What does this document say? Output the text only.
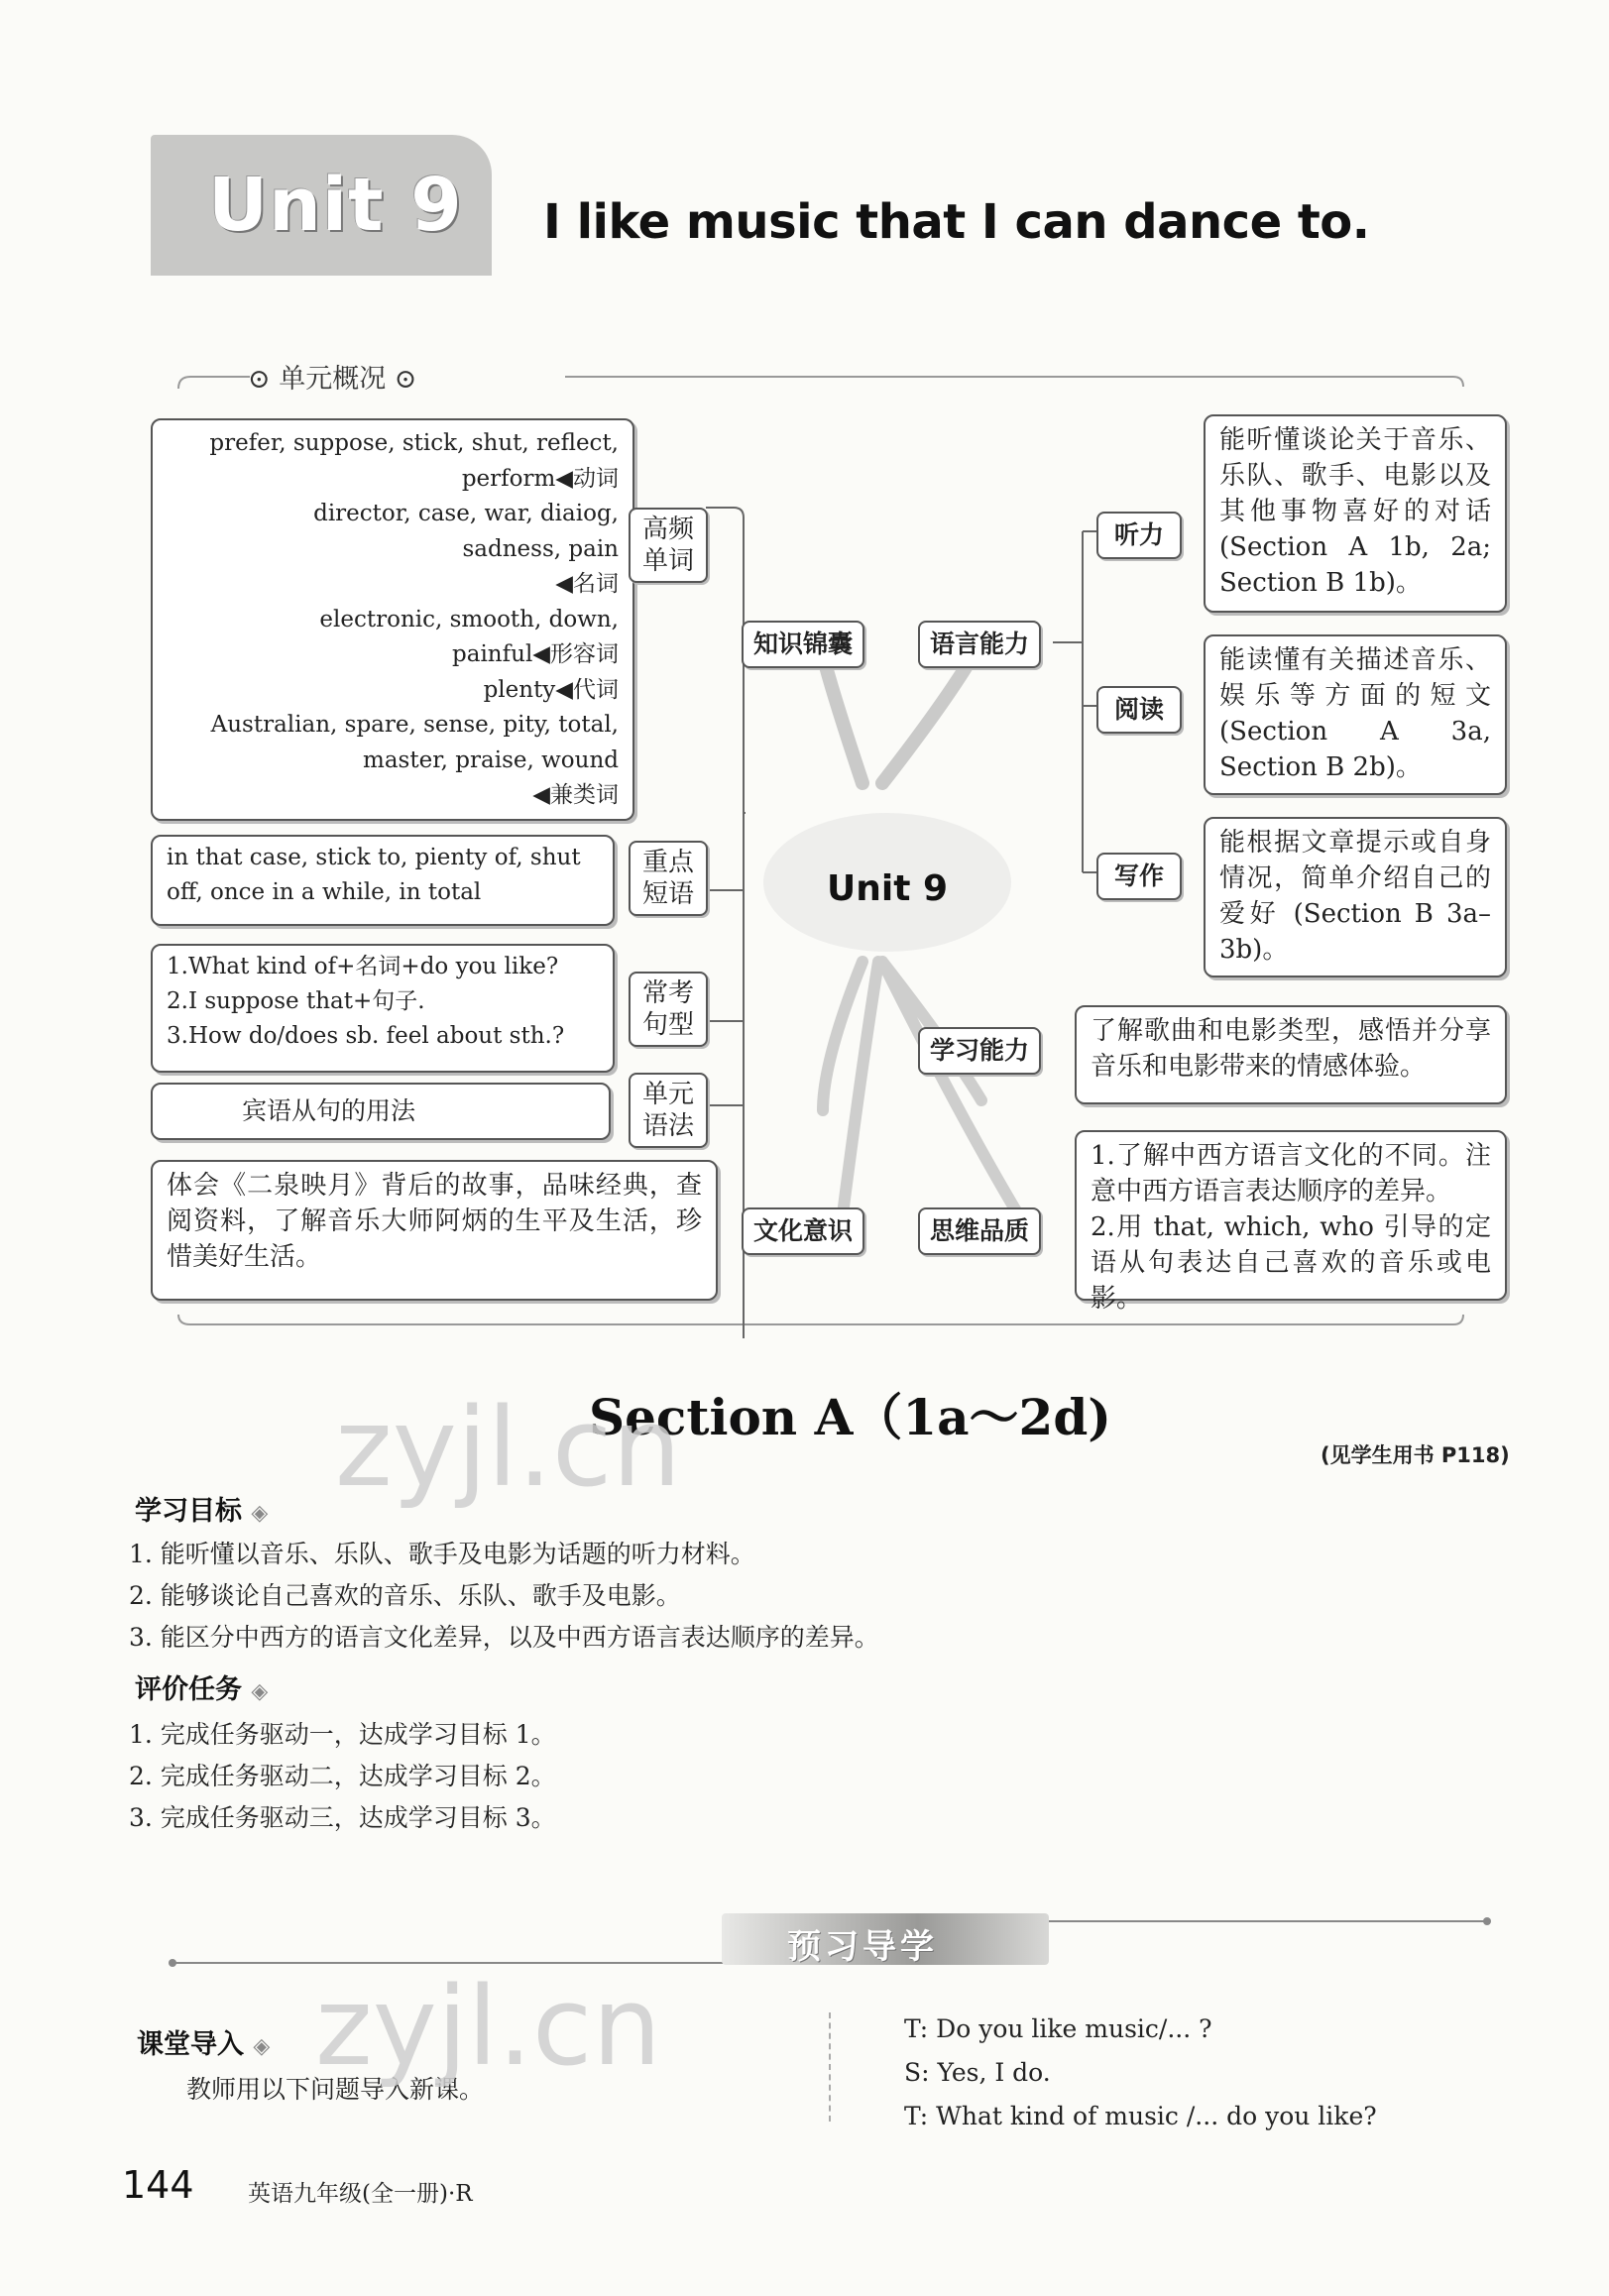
Unit 9 I like music that I can dance to.
⊙ 单元概况 ⊙
Unit 9
prefer, suppose, stick, shut, reflect,
perform◀动词
director, case, war, diaiog,
sadness, pain
◀名词
electronic, smooth, down,
painful◀形容词
plenty◀代词
Australian, spare, sense, pity, total,
master, praise, wound
◀兼类词
in that case, stick to, pienty of, shut
off, once in a while, in total
1.What kind of+名词+do you like?
2.I suppose that+句子.
3.How do/does sb. feel about sth.?
宾语从句的用法
体会《二泉映月》背后的故事，品味经典，查阅资料，了解音乐大师阿炳的生平及生活，珍惜美好生活。
高频单词
重点短语
常考句型
单元语法
知识锦囊
文化意识
语言能力
学习能力
思维品质
听力
阅读
写作
能听懂谈论关于音乐、乐队、歌手、电影以及其他事物喜好的对话(Section A 1b, 2a; Section B 1b)。
能读懂有关描述音乐、娱乐等方面的短文(Section A 3a, Section B 2b)。
能根据文章提示或自身情况，简单介绍自己的爱好 (Section B 3a–3b)。
了解歌曲和电影类型，感悟并分享音乐和电影带来的情感体验。
1.了解中西方语言文化的不同。注意中西方语言表达顺序的差异。
2.用 that, which, who 引导的定语从句表达自己喜欢的音乐或电影。
Section A（1a～2d)
(见学生用书 P118)
学习目标 ◈
1. 能听懂以音乐、乐队、歌手及电影为话题的听力材料。
2. 能够谈论自己喜欢的音乐、乐队、歌手及电影。
3. 能区分中西方的语言文化差异，以及中西方语言表达顺序的差异。
评价任务 ◈
1. 完成任务驱动一，达成学习目标 1。
2. 完成任务驱动二，达成学习目标 2。
3. 完成任务驱动三，达成学习目标 3。
预习导学
课堂导入 ◈
教师用以下问题导入新课。
T: Do you like music/... ?
S: Yes, I do.
T: What kind of music /... do you like?
zyjl.cn
zyjl.cn
144 英语九年级(全一册)·R
